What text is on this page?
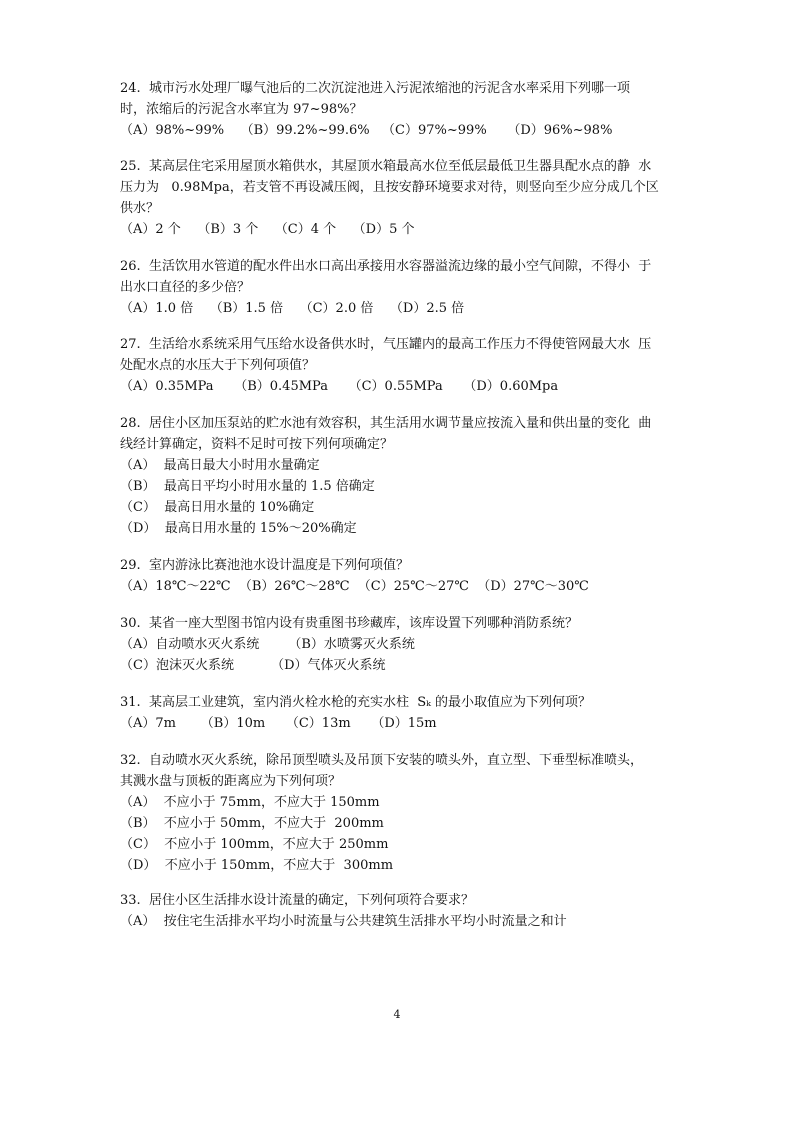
24.  城市污水处理厂曝气池后的二次沉淀池进入污泥浓缩池的污泥含水率采用下列哪一项
时，浓缩后的污泥含水率宜为 97~98%？
（A）98%~99%    （B）99.2%~99.6%   （C）97%~99%     （D）96%~98%
25.  某高层住宅采用屋顶水箱供水，其屋顶水箱最高水位至低层最低卫生器具配水点的静  水
压力为   0.98Mpa，若支管不再设减压阀，且按安静环境要求对待，则竖向至少应分成几个区
供水？
（A）2 个    （B）3 个    （C）4 个    （D）5 个
26.  生活饮用水管道的配水件出水口高出承接用水容器溢流边缘的最小空气间隙，不得小  于
出水口直径的多少倍？
（A）1.0 倍    （B）1.5 倍    （C）2.0 倍    （D）2.5 倍
27.  生活给水系统采用气压给水设备供水时，气压罐内的最高工作压力不得使管网最大水  压
处配水点的水压大于下列何项值？
（A）0.35MPa     （B）0.45MPa     （C）0.55MPa     （D）0.60Mpa
28.  居住小区加压泵站的贮水池有效容积，其生活用水调节量应按流入量和供出量的变化  曲
线经计算确定，资料不足时可按下列何项确定？
（A）  最高日最大小时用水量确定
（B）  最高日平均小时用水量的 1.5 倍确定
（C）  最高日用水量的 10%确定
（D）  最高日用水量的 15%～20%确定
29.  室内游泳比赛池池水设计温度是下列何项值？
（A）18℃～22℃  （B）26℃～28℃  （C）25℃～27℃  （D）27℃～30℃
30.  某省一座大型图书馆内设有贵重图书珍藏库，该库设置下列哪种消防系统？
（A）自动喷水灭火系统       （B）水喷雾灭火系统
（C）泡沫灭火系统         （D）气体灭火系统
31.  某高层工业建筑，室内消火栓水枪的充实水柱  Sₖ 的最小取值应为下列何项？
（A）7m      （B）10m     （C）13m     （D）15m
32.  自动喷水灭火系统，除吊顶型喷头及吊顶下安装的喷头外，直立型、下垂型标准喷头，
其溅水盘与顶板的距离应为下列何项？
（A）  不应小于 75mm，不应大于 150mm
（B）  不应小于 50mm，不应大于  200mm
（C）  不应小于 100mm，不应大于 250mm
（D）  不应小于 150mm，不应大于  300mm
33.  居住小区生活排水设计流量的确定，下列何项符合要求？
（A）  按住宅生活排水平均小时流量与公共建筑生活排水平均小时流量之和计
4
